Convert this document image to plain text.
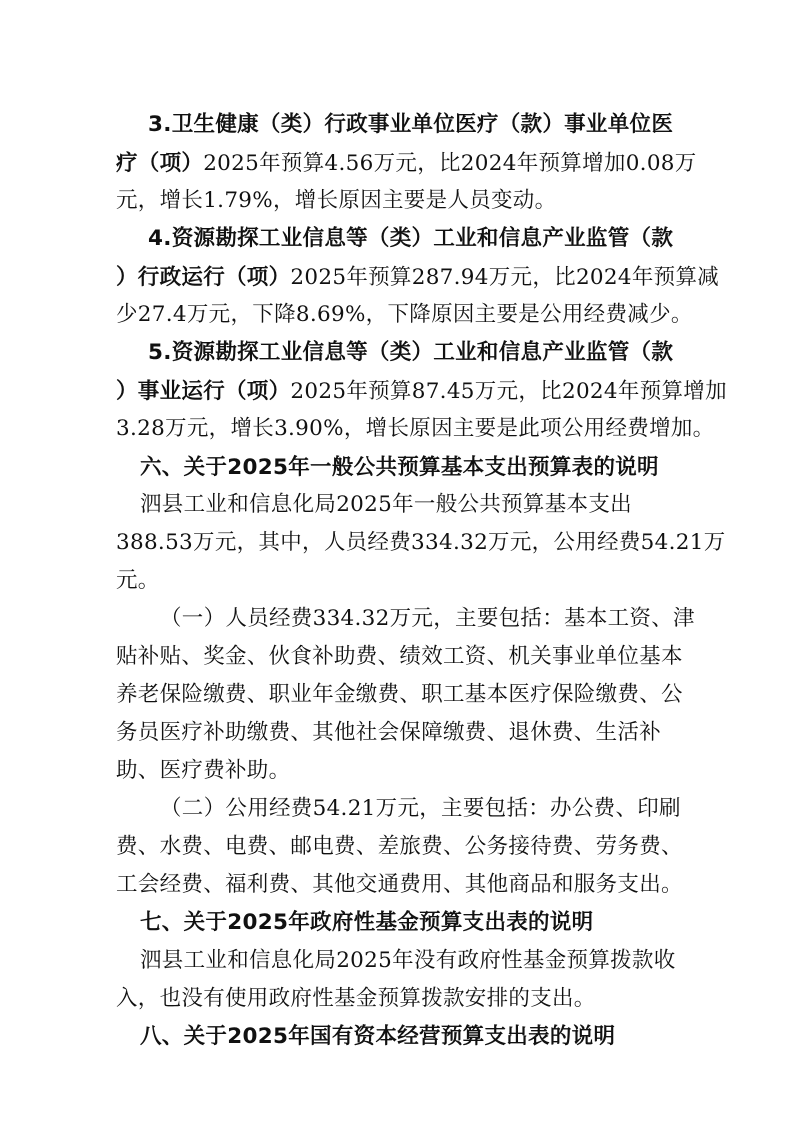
3.卫生健康（类）行政事业单位医疗（款）事业单位医
疗（项）2025年预算4.56万元，比2024年预算增加0.08万
元，增长1.79%，增长原因主要是人员变动。
4.资源勘探工业信息等（类）工业和信息产业监管（款
）行政运行（项）2025年预算287.94万元，比2024年预算减
少27.4万元，下降8.69%，下降原因主要是公用经费减少。
5.资源勘探工业信息等（类）工业和信息产业监管（款
）事业运行（项）2025年预算87.45万元，比2024年预算增加
3.28万元，增长3.90%，增长原因主要是此项公用经费增加。
六、关于2025年一般公共预算基本支出预算表的说明
泗县工业和信息化局2025年一般公共预算基本支出
388.53万元，其中，人员经费334.32万元，公用经费54.21万
元。
（一）人员经费334.32万元，主要包括：基本工资、津
贴补贴、奖金、伙食补助费、绩效工资、机关事业单位基本
养老保险缴费、职业年金缴费、职工基本医疗保险缴费、公
务员医疗补助缴费、其他社会保障缴费、退休费、生活补
助、医疗费补助。
（二）公用经费54.21万元，主要包括：办公费、印刷
费、水费、电费、邮电费、差旅费、公务接待费、劳务费、
工会经费、福利费、其他交通费用、其他商品和服务支出。
七、关于2025年政府性基金预算支出表的说明
泗县工业和信息化局2025年没有政府性基金预算拨款收
入，也没有使用政府性基金预算拨款安排的支出。
八、关于2025年国有资本经营预算支出表的说明
